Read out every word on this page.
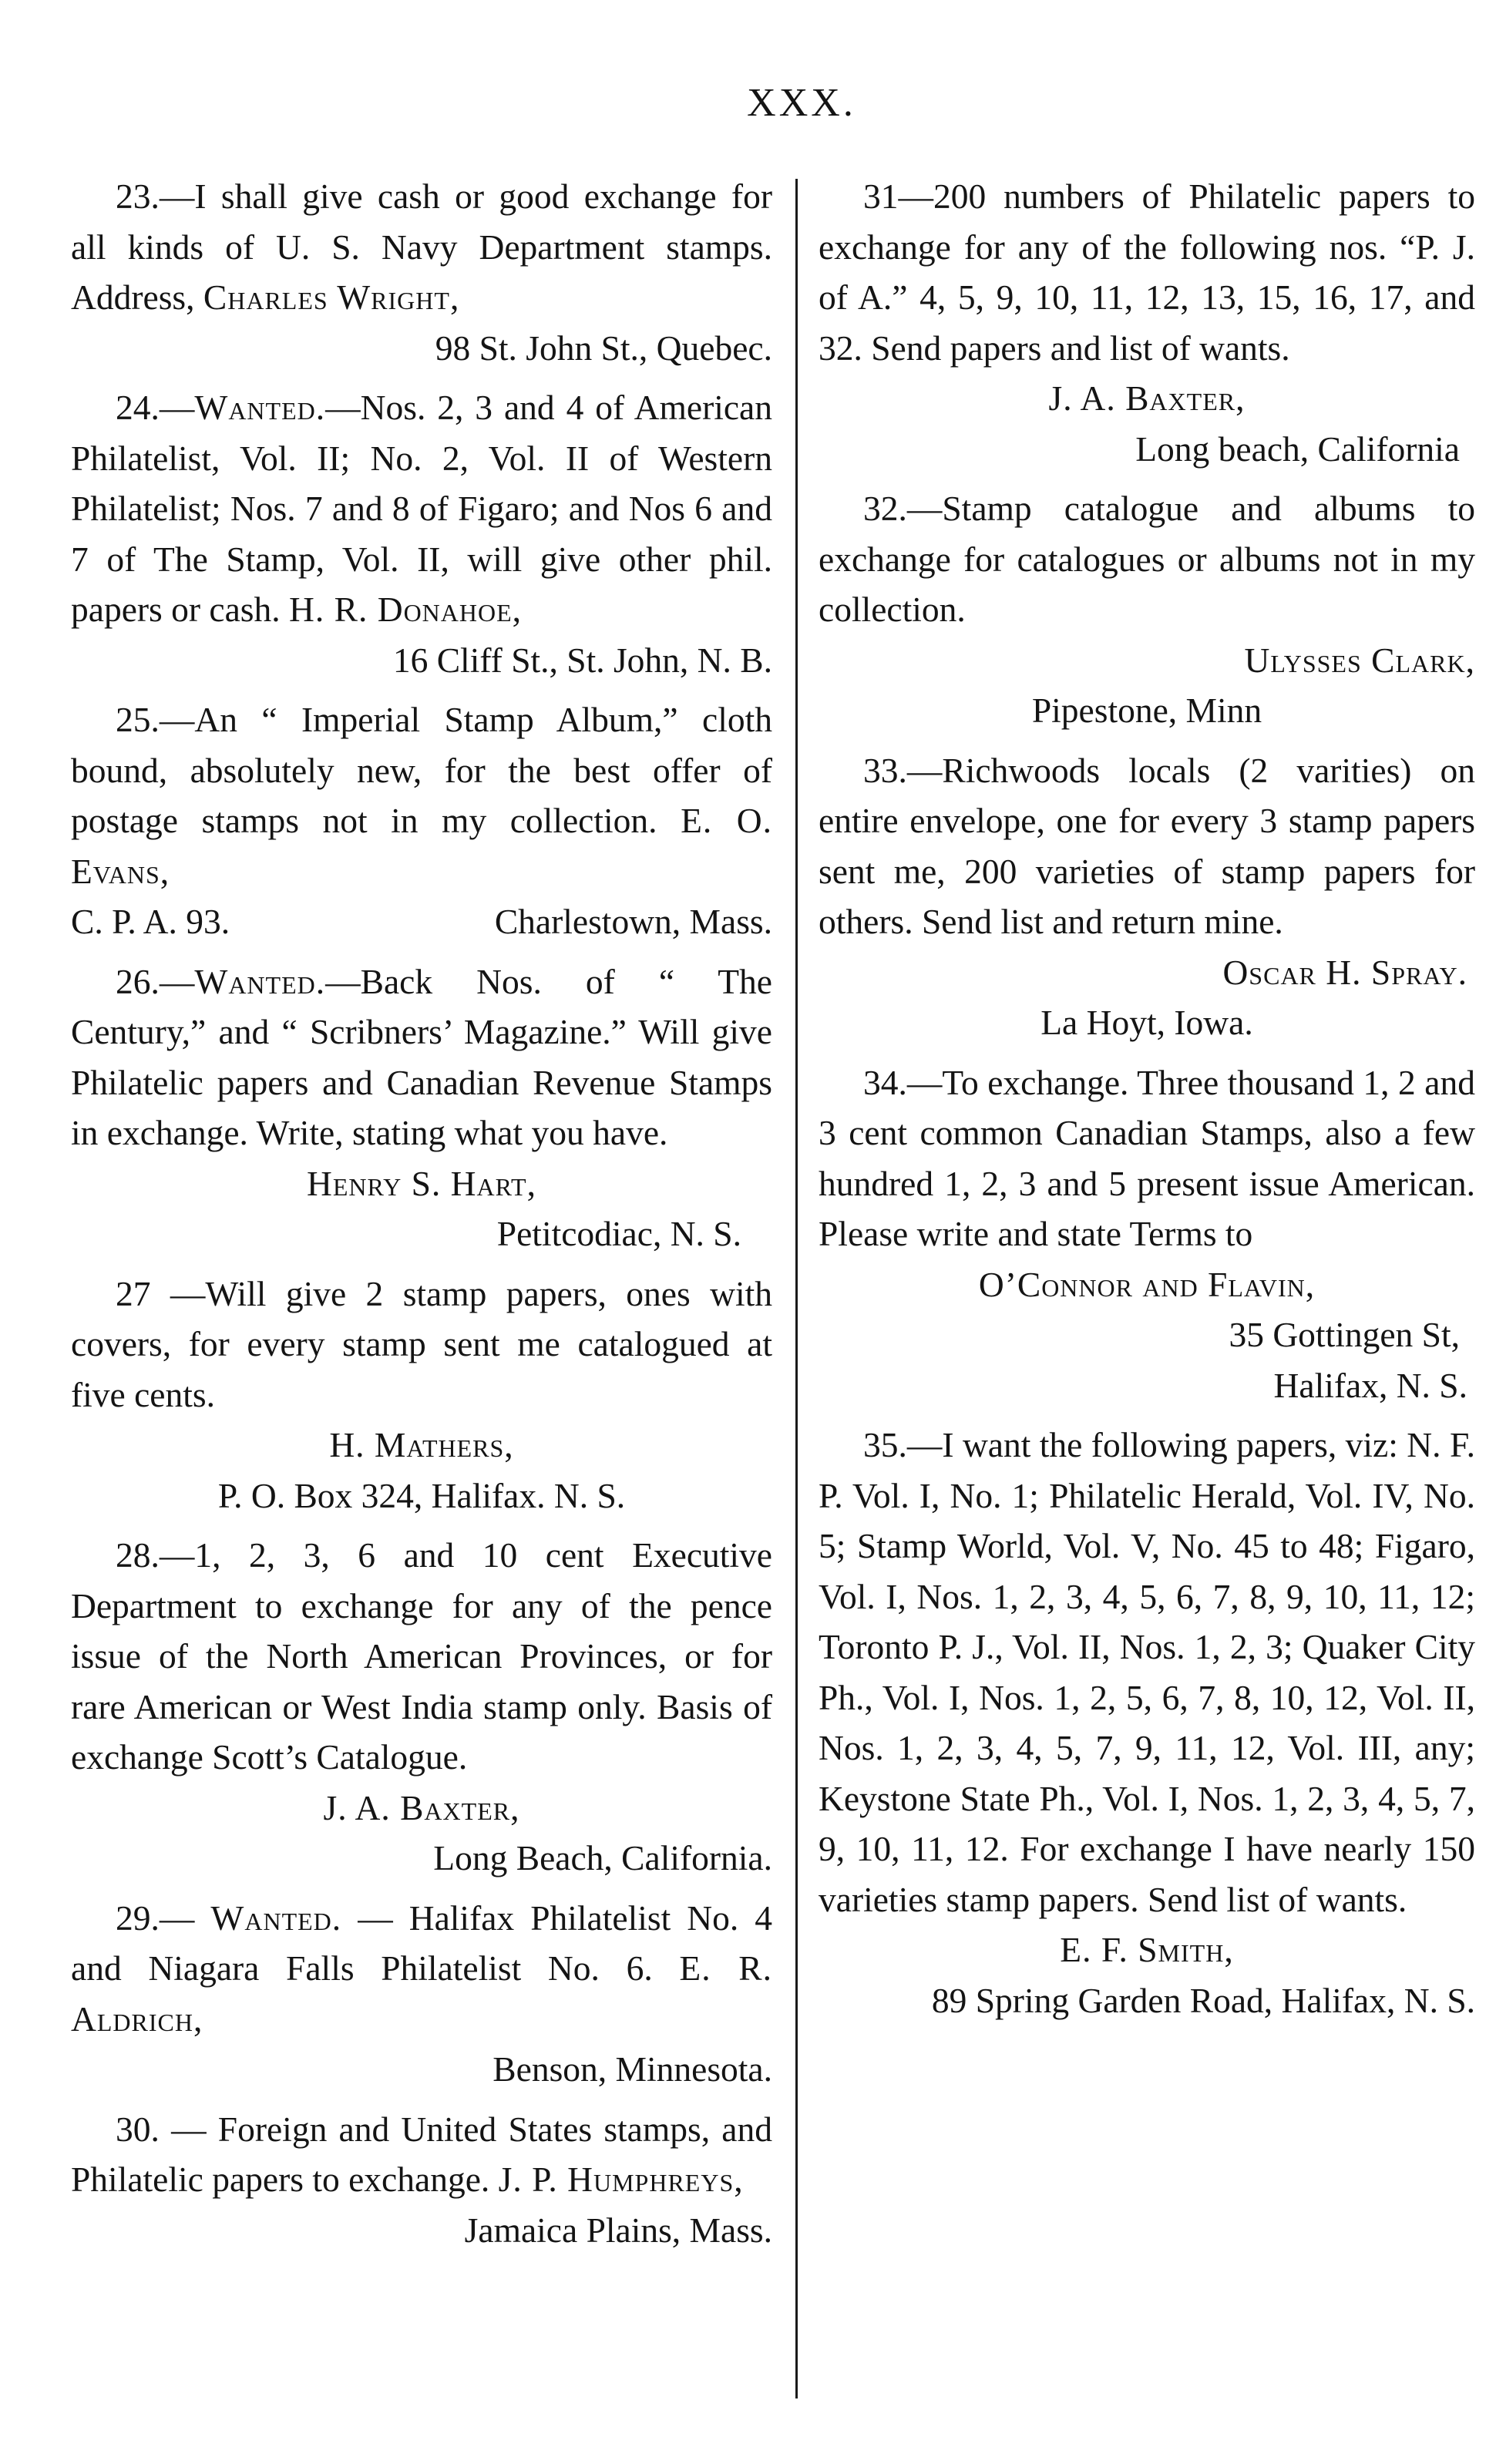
XXX.

23.—I shall give cash or good exchange for all kinds of U. S. Navy Department stamps. Address, Charles Wright,

98 St. John St., Quebec.

24.—Wanted.—Nos. 2, 3 and 4 of American Philatelist, Vol. II; No. 2, Vol. II of Western Philatelist; Nos. 7 and 8 of Figaro; and Nos 6 and 7 of The Stamp, Vol. II, will give other phil. papers or cash. H. R. Donahoe,

16 Cliff St., St. John, N. B.

25.—An “ Imperial Stamp Album,” cloth bound, absolutely new, for the best offer of postage stamps not in my collection. E. O. Evans,

C. P. A. 93.	Charlestown, Mass.

26.—Wanted.—Back Nos. of “ The Century,” and “ Scribners’ Magazine.” Will give Philatelic papers and Canadian Revenue Stamps in exchange. Write, stating what you have.

Henry S. Hart,

Petitcodiac, N. S.

27 —Will give 2 stamp papers, ones with covers, for every stamp sent me catalogued at five cents.

H. Mathers,

P. O. Box 324, Halifax. N. S.

28.—1, 2, 3, 6 and 10 cent Executive Department to exchange for any of the pence issue of the North American Provinces, or for rare American or West India stamp only. Basis of exchange Scott’s Catalogue.

J. A. Baxter,

Long Beach, California.

29.— Wanted. — Halifax Philatelist No. 4 and Niagara Falls Philatelist No. 6. E. R. Aldrich,

Benson, Minnesota.

30. — Foreign and United States stamps, and Philatelic papers to exchange. J. P. Humphreys,

Jamaica Plains, Mass.

31—200 numbers of Philatelic papers to exchange for any of the following nos. “P. J. of A.” 4, 5, 9, 10, 11, 12, 13, 15, 16, 17, and 32. Send papers and list of wants.

J. A. Baxter,

Long beach, California

32.—Stamp catalogue and albums to exchange for catalogues or albums not in my collection.

Ulysses Clark,

Pipestone, Minn

33.—Richwoods locals (2 varities) on entire envelope, one for every 3 stamp papers sent me, 200 varieties of stamp papers for others. Send list and return mine.

Oscar H. Spray.

La Hoyt, Iowa.

34.—To exchange. Three thousand 1, 2 and 3 cent common Canadian Stamps, also a few hundred 1, 2, 3 and 5 present issue American. Please write and state Terms to

O’Connor and Flavin,

35 Gottingen St,

Halifax, N. S.

35.—I want the following papers, viz: N. F. P. Vol. I, No. 1; Philatelic Herald, Vol. IV, No. 5; Stamp World, Vol. V, No. 45 to 48; Figaro, Vol. I, Nos. 1, 2, 3, 4, 5, 6, 7, 8, 9, 10, 11, 12; Toronto P. J., Vol. II, Nos. 1, 2, 3; Quaker City Ph., Vol. I, Nos. 1, 2, 5, 6, 7, 8, 10, 12, Vol. II, Nos. 1, 2, 3, 4, 5, 7, 9, 11, 12, Vol. III, any; Keystone State Ph., Vol. I, Nos. 1, 2, 3, 4, 5, 7, 9, 10, 11, 12. For exchange I have nearly 150 varieties stamp papers. Send list of wants.

E. F. Smith,

89 Spring Garden Road, Halifax, N. S.
